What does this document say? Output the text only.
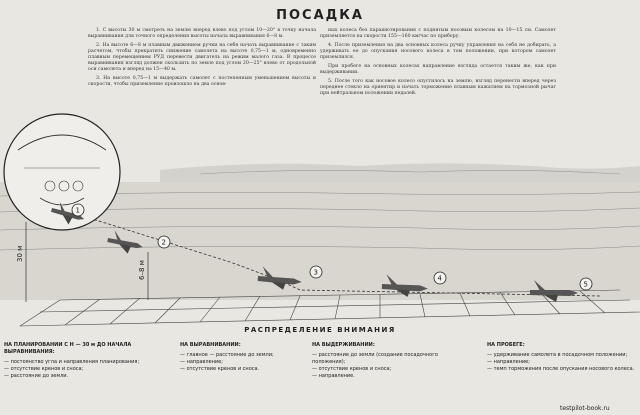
30 м
6–8 м
1
2
3
4
5
testpilot-book.ru
ПОСАДКА

1. С высоты 30 м смотреть на землю вперед влево под углом 10—20° в точку начала выравнивания для точного определения высоты начала выравнивания 6—8 м.

2. На высоте 6—8 м плавным движением ручки на себя начать выравнивание с таким расчетом, чтобы прекратить снижение самолета на высоте 0,75—1 м, одновременно плавным перемещением РУД перевести двигатель на режим малого газа. В процессе выравнивания взгляд должен скользить по земле под углом 20—25° влево от продольной оси самолета и вперед на 15—40 м.

3. На высоте 0,75—1 м выдержать самолет с постепенным уменьшением высоты и скорости, чтобы приземление произошло на два основ-

ных колеса без парашютирования с поднятым носовым колесом на 10—15 см. Самолет приземляется на скорости 155—160 км/час по прибору.

4. После приземления на два основных колеса ручку управления на себя не добирать, а удерживать ее до опускания носового колеса в том положении, при котором самолет приземлился.

При пробеге на основных колесах направление взгляда остается таким же, как при выдерживании.

5. После того как носовое колесо опустилось на землю, взгляд перенести вперед через переднее стекло на ориентир и начать торможение плавным нажатием на тормозной рычаг при нейтральном положении педалей.

РАСПРЕДЕЛЕНИЕ ВНИМАНИЯ
НА ПЛАНИРОВАНИИ С Н — 30 м ДО НАЧАЛА ВЫРАВНИВАНИЯ:
— постоянство угла и направления планирования;
— отсутствие кренов и сноса;
— расстояние до земли.
НА ВЫРАВНИВАНИИ:
— главное — расстояние до земли;
— направление;
— отсутствие кренов и сноса.
НА ВЫДЕРЖИВАНИИ:
— расстояние до земли (создание посадочного положения);
— отсутствие кренов и сноса;
— направление.
НА ПРОБЕГЕ:
— удерживание самолета в посадочном положении;
— направление;
— темп торможения после опускания носового колеса.
